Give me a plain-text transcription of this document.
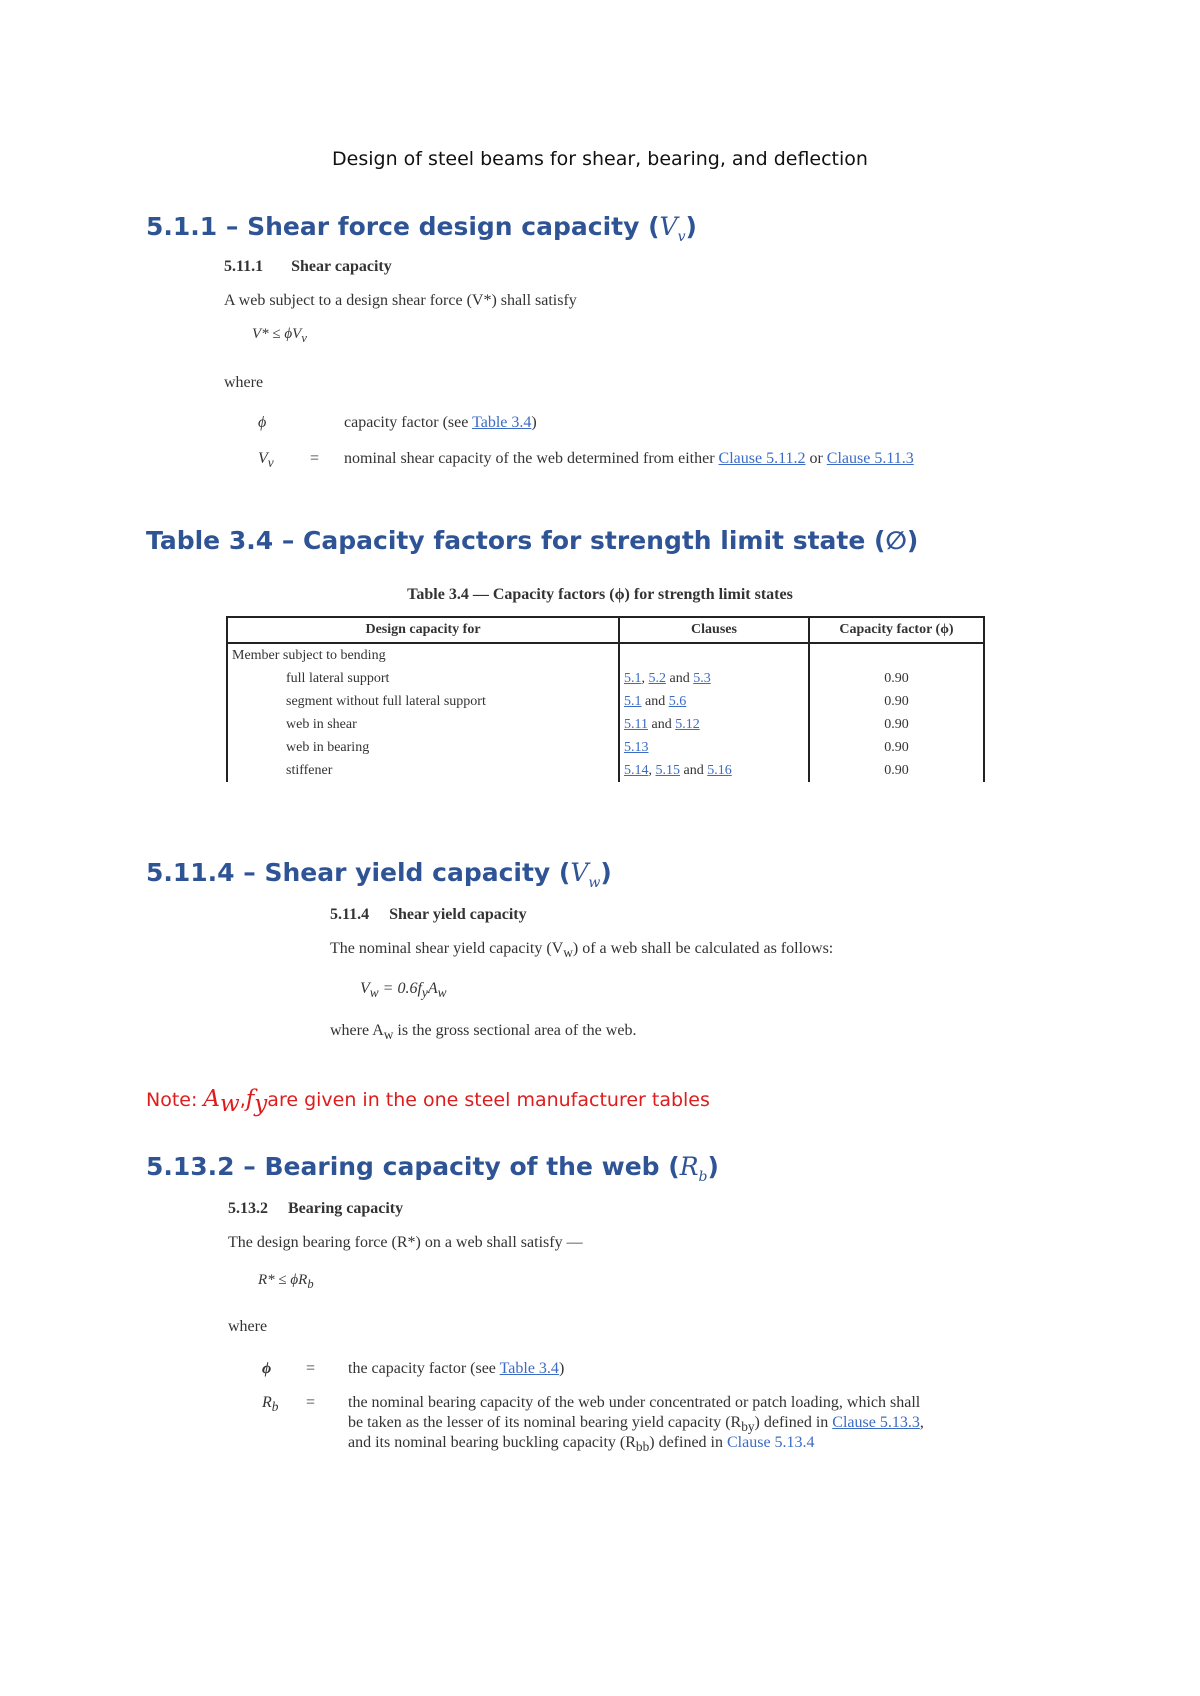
Design of steel beams for shear, bearing, and deflection
5.1.1 – Shear force design capacity $(V_v)$
5.11.1 Shear capacity
A web subject to a design shear force (V*) shall satisfy
$V* \le \phi V_v$
where
ϕ	capacity factor (see Table 3.4)
$V_v$ = nominal shear capacity of the web determined from either Clause 5.11.2 or Clause 5.11.3
Table 3.4 – Capacity factors for strength limit state (∅)
Table 3.4 — Capacity factors (ϕ) for strength limit states
Design capacity for	Clauses	Capacity factor (ϕ)
Member subject to bending		
full lateral support	5.1, 5.2 and 5.3	0.90
segment without full lateral support	5.1 and 5.6	0.90
web in shear	5.11 and 5.12	0.90
web in bearing	5.13	0.90
stiffener	5.14, 5.15 and 5.16	0.90
5.11.4 – Shear yield capacity $(V_w)$
5.11.4 Shear yield capacity
The nominal shear yield capacity $(V_w)$ of a web shall be calculated as follows:
$V_w = 0.6f_yA_w$
where $A_w$ is the gross sectional area of the web.
Note: $A_w,f_yare$ given in the one steel manufacturer tables
5.13.2 – Bearing capacity of the web $(R_b)$
5.13.2 Bearing capacity
The design bearing force (R*) on a web shall satisfy —
$R* \le \phi R_b$
where
ϕ = the capacity factor (see Table 3.4)
$R_b$ = the nominal bearing capacity of the web under concentrated or patch loading, which shall
be taken as the lesser of its nominal bearing yield capacity $(R_{by})$ defined in Clause 5.13.3,
and its nominal bearing buckling capacity $(R_{bb})$ defined in Clause 5.13.4
